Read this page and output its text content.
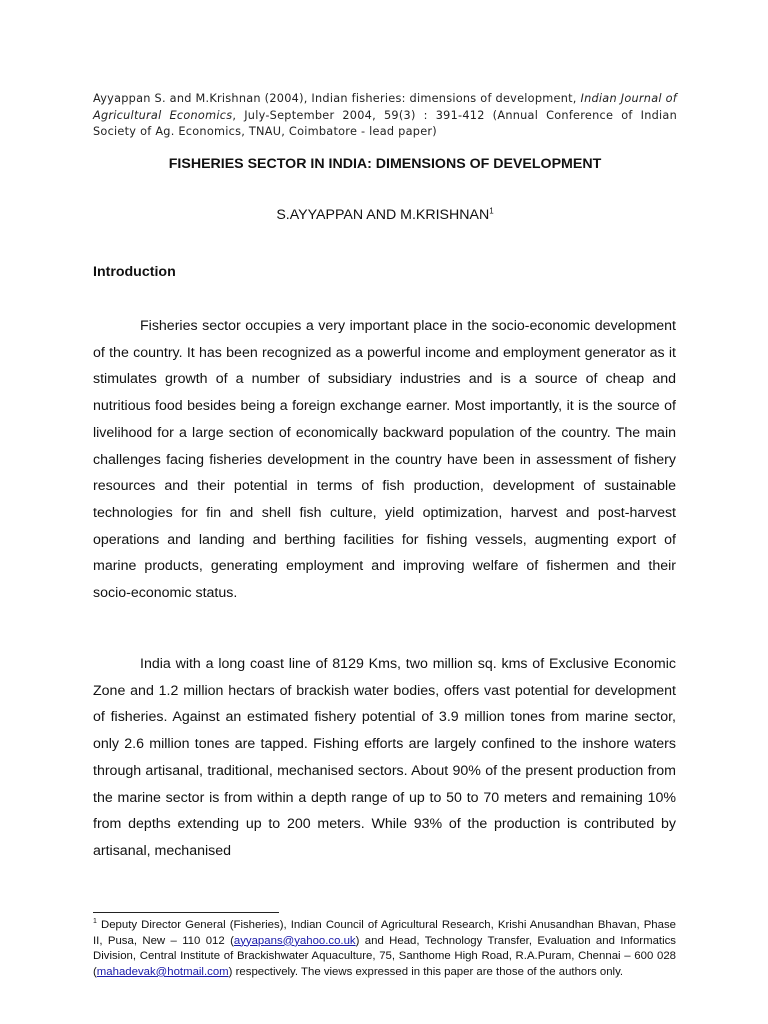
Ayyappan S. and M.Krishnan (2004), Indian fisheries: dimensions of development, Indian Journal of Agricultural Economics, July-September 2004, 59(3) : 391-412 (Annual Conference of Indian Society of Ag. Economics, TNAU, Coimbatore - lead paper)
FISHERIES SECTOR IN INDIA: DIMENSIONS OF DEVELOPMENT
S.AYYAPPAN AND M.KRISHNAN$^1$
Introduction

Fisheries sector occupies a very important place in the socio-economic development of the country. It has been recognized as a powerful income and employment generator as it stimulates growth of a number of subsidiary industries and is a source of cheap and nutritious food besides being a foreign exchange earner. Most importantly, it is the source of livelihood for a large section of economically backward population of the country. The main challenges facing fisheries development in the country have been in assessment of fishery resources and their potential in terms of fish production, development of sustainable technologies for fin and shell fish culture, yield optimization, harvest and post-harvest operations and landing and berthing facilities for fishing vessels, augmenting export of marine products, generating employment and improving welfare of fishermen and their socio-economic status.

India with a long coast line of 8129 Kms, two million sq. kms of Exclusive Economic Zone and 1.2 million hectars of brackish water bodies, offers vast potential for development of fisheries. Against an estimated fishery potential of 3.9 million tones from marine sector, only 2.6 million tones are tapped. Fishing efforts are largely confined to the inshore waters through artisanal, traditional, mechanised sectors. About 90% of the present production from the marine sector is from within a depth range of up to 50 to 70 meters and remaining 10% from depths extending up to 200 meters. While 93% of the production is contributed by artisanal, mechanised

$^1$ Deputy Director General (Fisheries), Indian Council of Agricultural Research, Krishi Anusandhan Bhavan, Phase II, Pusa, New – 110 012 (ayyapans@yahoo.co.uk) and Head, Technology Transfer, Evaluation and Informatics Division, Central Institute of Brackishwater Aquaculture, 75, Santhome High Road, R.A.Puram, Chennai – 600 028 (mahadevak@hotmail.com) respectively. The views expressed in this paper are those of the authors only.
